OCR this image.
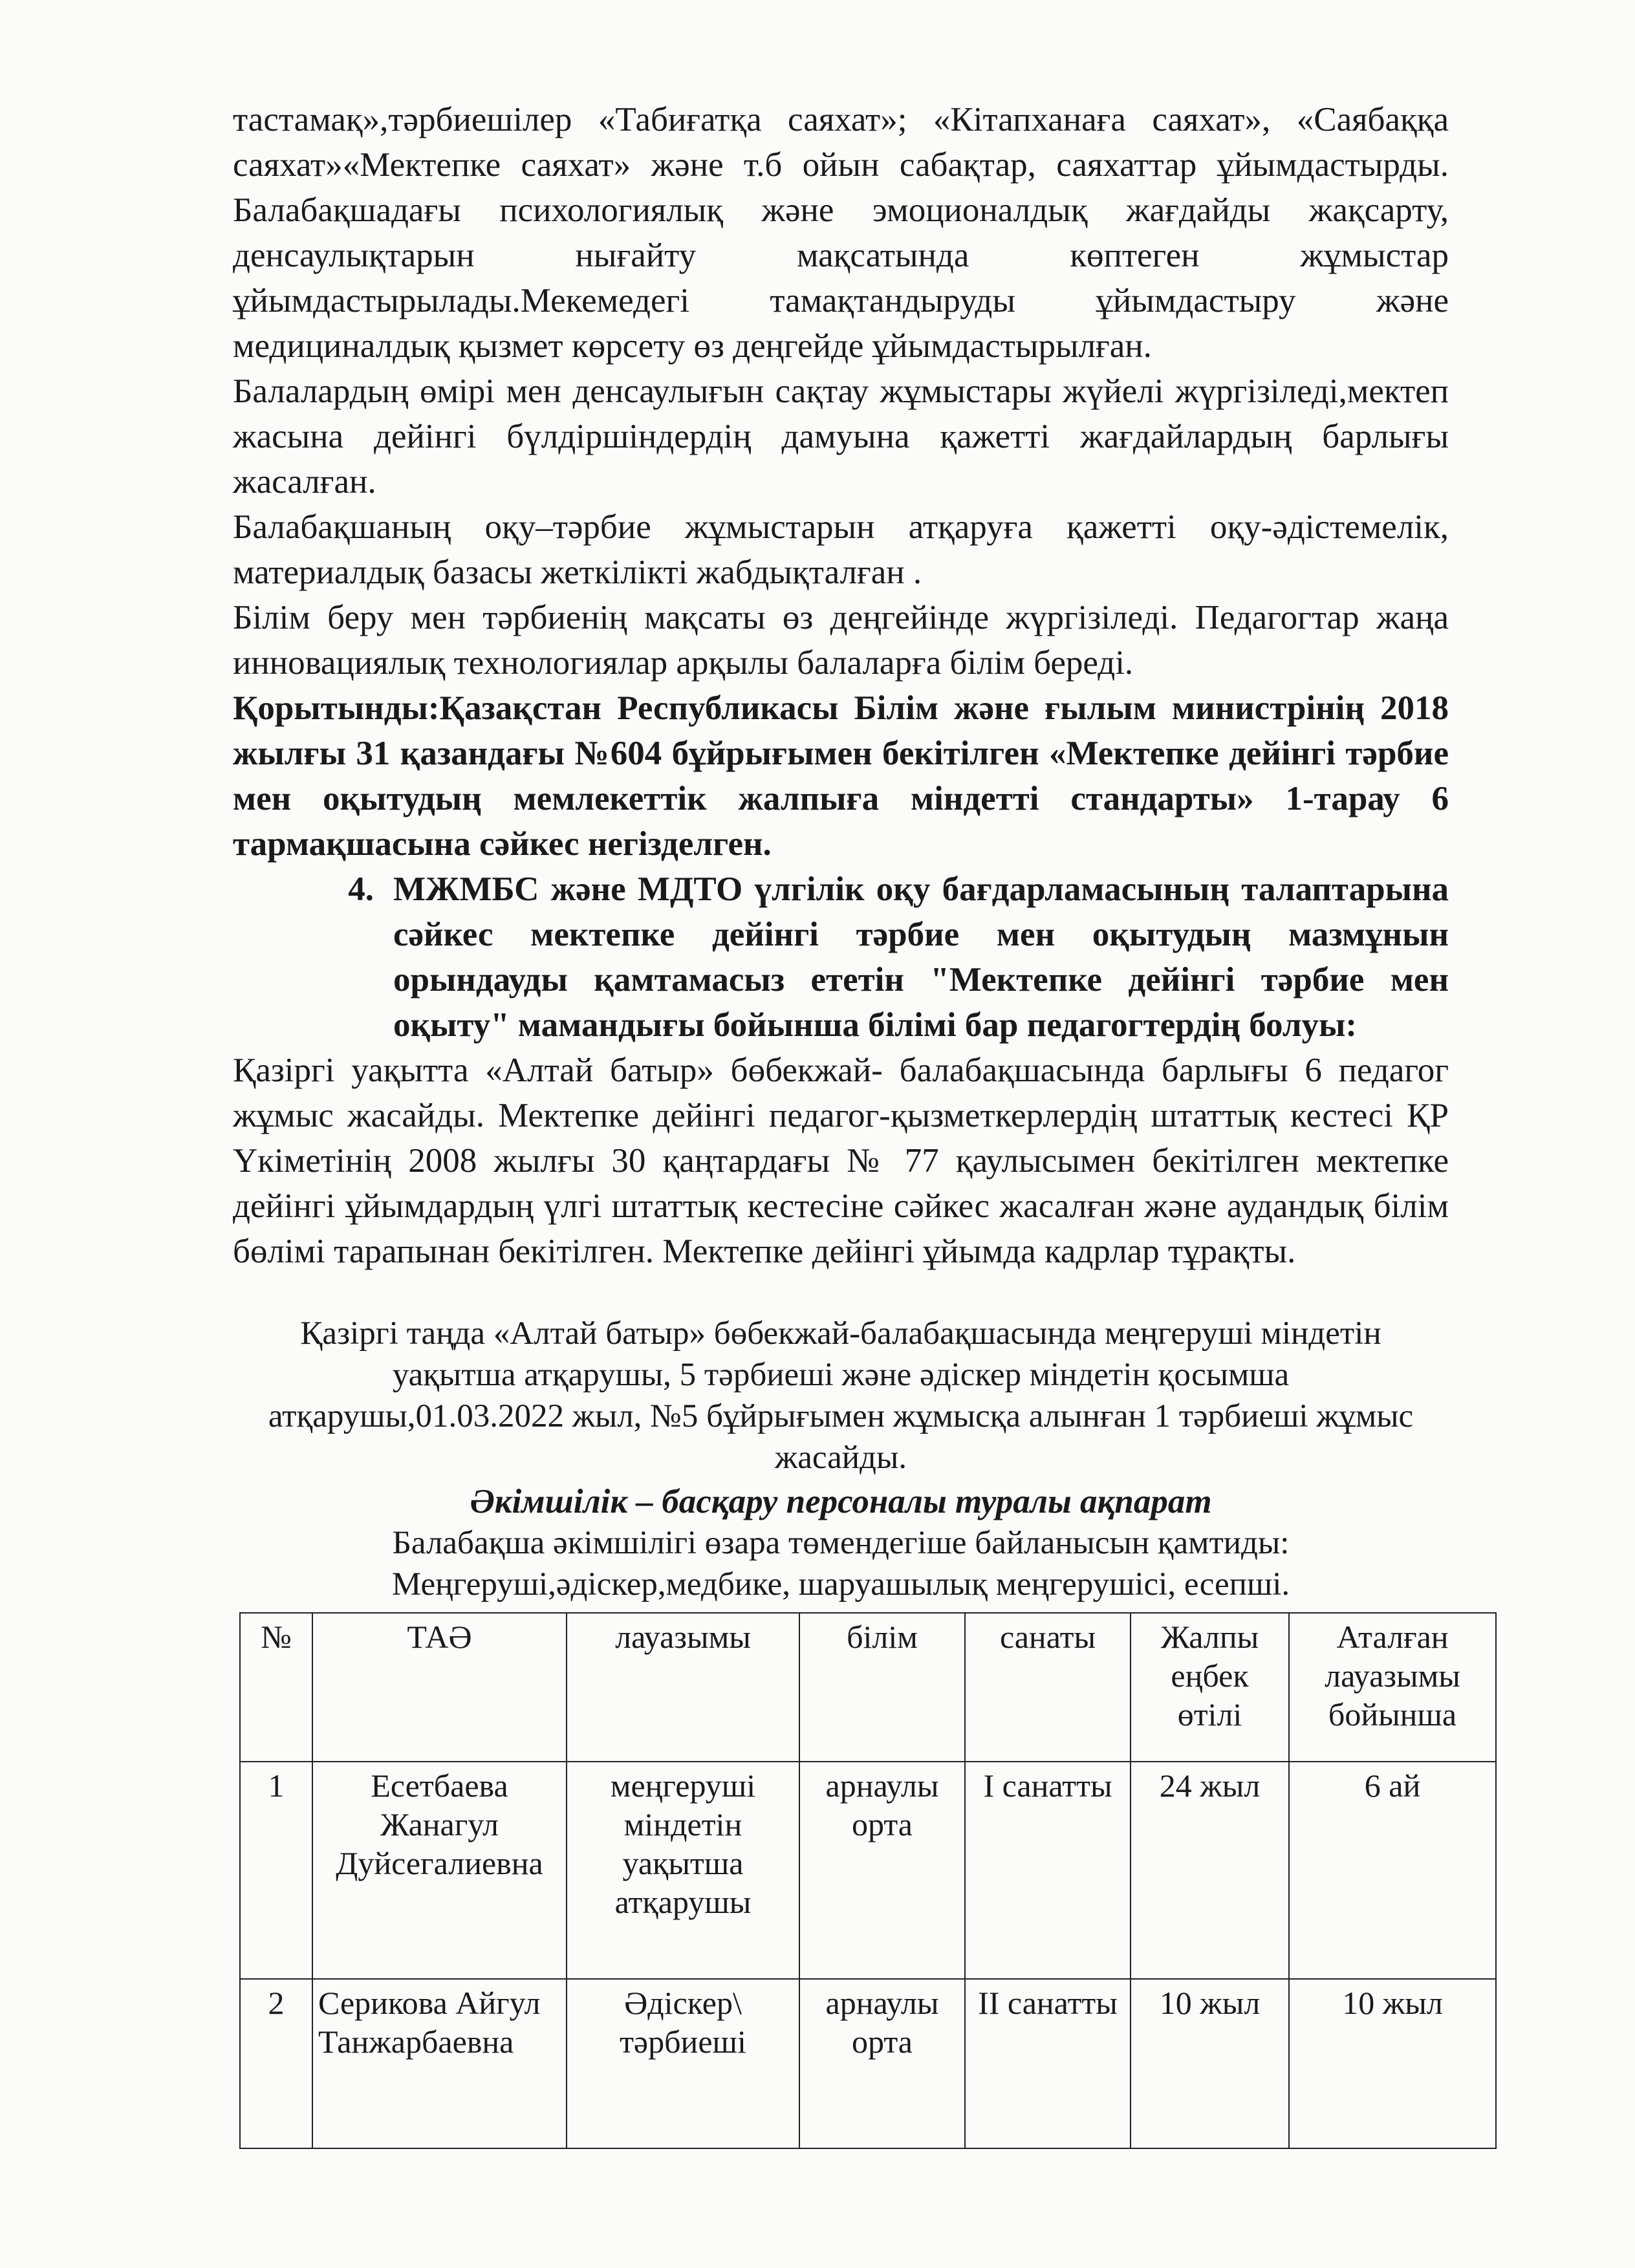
тастамақ»,тәрбиешілер «Табиғатқа саяхат»; «Кітапханаға саяхат», «Саябаққа саяхат»«Мектепке саяхат» және т.б ойын сабақтар, саяхаттар ұйымдастырды. Балабақшадағы психологиялық және эмоционалдық жағдайды жақсарту, денсаулықтарын нығайту мақсатында көптеген жұмыстар ұйымдастырылады.Мекемедегі тамақтандыруды ұйымдастыру және медициналдық қызмет көрсету өз деңгейде ұйымдастырылған.

Балалардың өмірі мен денсаулығын сақтау жұмыстары жүйелі жүргізіледі,мектеп жасына дейінгі бүлдіршіндердің дамуына қажетті жағдайлардың барлығы жасалған.

Балабақшаның оқу–тәрбие жұмыстарын атқаруға қажетті оқу-әдістемелік, материалдық базасы жеткілікті жабдықталған .

Білім беру мен тәрбиенің мақсаты өз деңгейінде жүргізіледі. Педагогтар жаңа инновациялық технологиялар арқылы балаларға білім береді.

Қорытынды:Қазақстан Республикасы Білім және ғылым министрінің 2018 жылғы 31 қазандағы №604 бұйрығымен бекітілген «Мектепке дейінгі тәрбие мен оқытудың мемлекеттік жалпыға міндетті стандарты» 1-тарау 6 тармақшасына сәйкес негізделген.

4. МЖМБС және МДТО үлгілік оқу бағдарламасының талаптарына сәйкес мектепке дейінгі тәрбие мен оқытудың мазмұнын орындауды қамтамасыз ететін "Мектепке дейінгі тәрбие мен оқыту" мамандығы бойынша білімі бар педагогтердің болуы:

Қазіргі уақытта «Алтай батыр» бөбекжай- балабақшасында барлығы 6 педагог жұмыс жасайды. Мектепке дейінгі педагог-қызметкерлердің штаттық кестесі ҚР Үкіметінің 2008 жылғы 30 қаңтардағы № 77 қаулысымен бекітілген мектепке дейінгі ұйымдардың үлгі штаттық кестесіне сәйкес жасалған және аудандық білім бөлімі тарапынан бекітілген. Мектепке дейінгі ұйымда кадрлар тұрақты.

Қазіргі таңда «Алтай батыр» бөбекжай-балабақшасында меңгеруші міндетін уақытша атқарушы, 5 тәрбиеші және әдіскер міндетін қосымша атқарушы,01.03.2022 жыл, №5 бұйрығымен жұмысқа алынған 1 тәрбиеші жұмыс жасайды.

Әкімшілік – басқару персоналы туралы ақпарат

Балабақша әкімшілігі өзара төмендегіше байланысын қамтиды:

Меңгеруші,әдіскер,медбике, шаруашылық меңгерушісі, есепші.

№	ТАӘ	лауазымы	білім	санаты	Жалпы еңбек өтілі	Аталған лауазымы бойынша
1	Есетбаева Жанагул Дуйсегалиевна	меңгеруші міндетін уақытша атқарушы	арнаулы орта	І санатты	24 жыл	6 ай
2	Серикова Айгул Танжарбаевна	Әдіскер\ тәрбиеші	арнаулы орта	ІІ санатты	10 жыл	10 жыл
